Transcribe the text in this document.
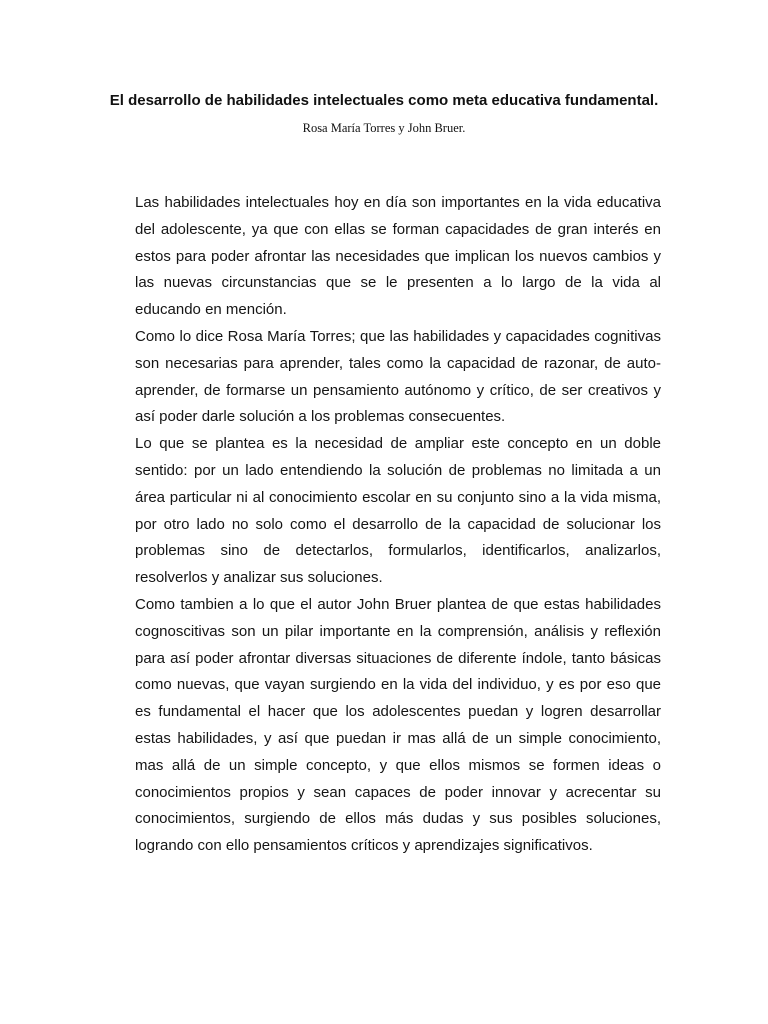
El desarrollo de habilidades intelectuales como meta educativa fundamental.
Rosa María Torres y John Bruer.

Las habilidades intelectuales hoy en día son importantes en la vida educativa del adolescente, ya que con ellas se forman capacidades de gran interés en estos para poder afrontar las necesidades que implican los nuevos cambios y las nuevas circunstancias que se le presenten a lo largo de la vida al educando en mención.

Como lo dice Rosa María Torres; que las habilidades y capacidades cognitivas son necesarias para aprender, tales como la capacidad de razonar, de auto-aprender, de formarse un pensamiento autónomo y crítico, de ser creativos y así poder darle solución a los problemas consecuentes.

Lo que se plantea es la necesidad de ampliar este concepto en un doble sentido: por un lado entendiendo la solución de problemas no limitada a un área particular ni al conocimiento escolar en su conjunto sino a la vida misma, por otro lado no solo como el desarrollo de la capacidad de solucionar los problemas sino de detectarlos, formularlos, identificarlos, analizarlos, resolverlos y analizar sus soluciones.

Como tambien a lo que el autor John Bruer plantea de que estas habilidades cognoscitivas son un pilar importante en la comprensión, análisis y reflexión para así poder afrontar diversas situaciones de diferente índole, tanto básicas como nuevas, que vayan surgiendo en la vida del individuo, y es por eso que es fundamental el hacer que los adolescentes puedan y logren desarrollar estas habilidades, y así que puedan ir mas allá de un simple conocimiento, mas allá de un simple concepto, y que ellos mismos se formen ideas o conocimientos propios y sean capaces de poder innovar y acrecentar su conocimientos, surgiendo de ellos más dudas y sus posibles soluciones, logrando con ello pensamientos críticos y aprendizajes significativos.
